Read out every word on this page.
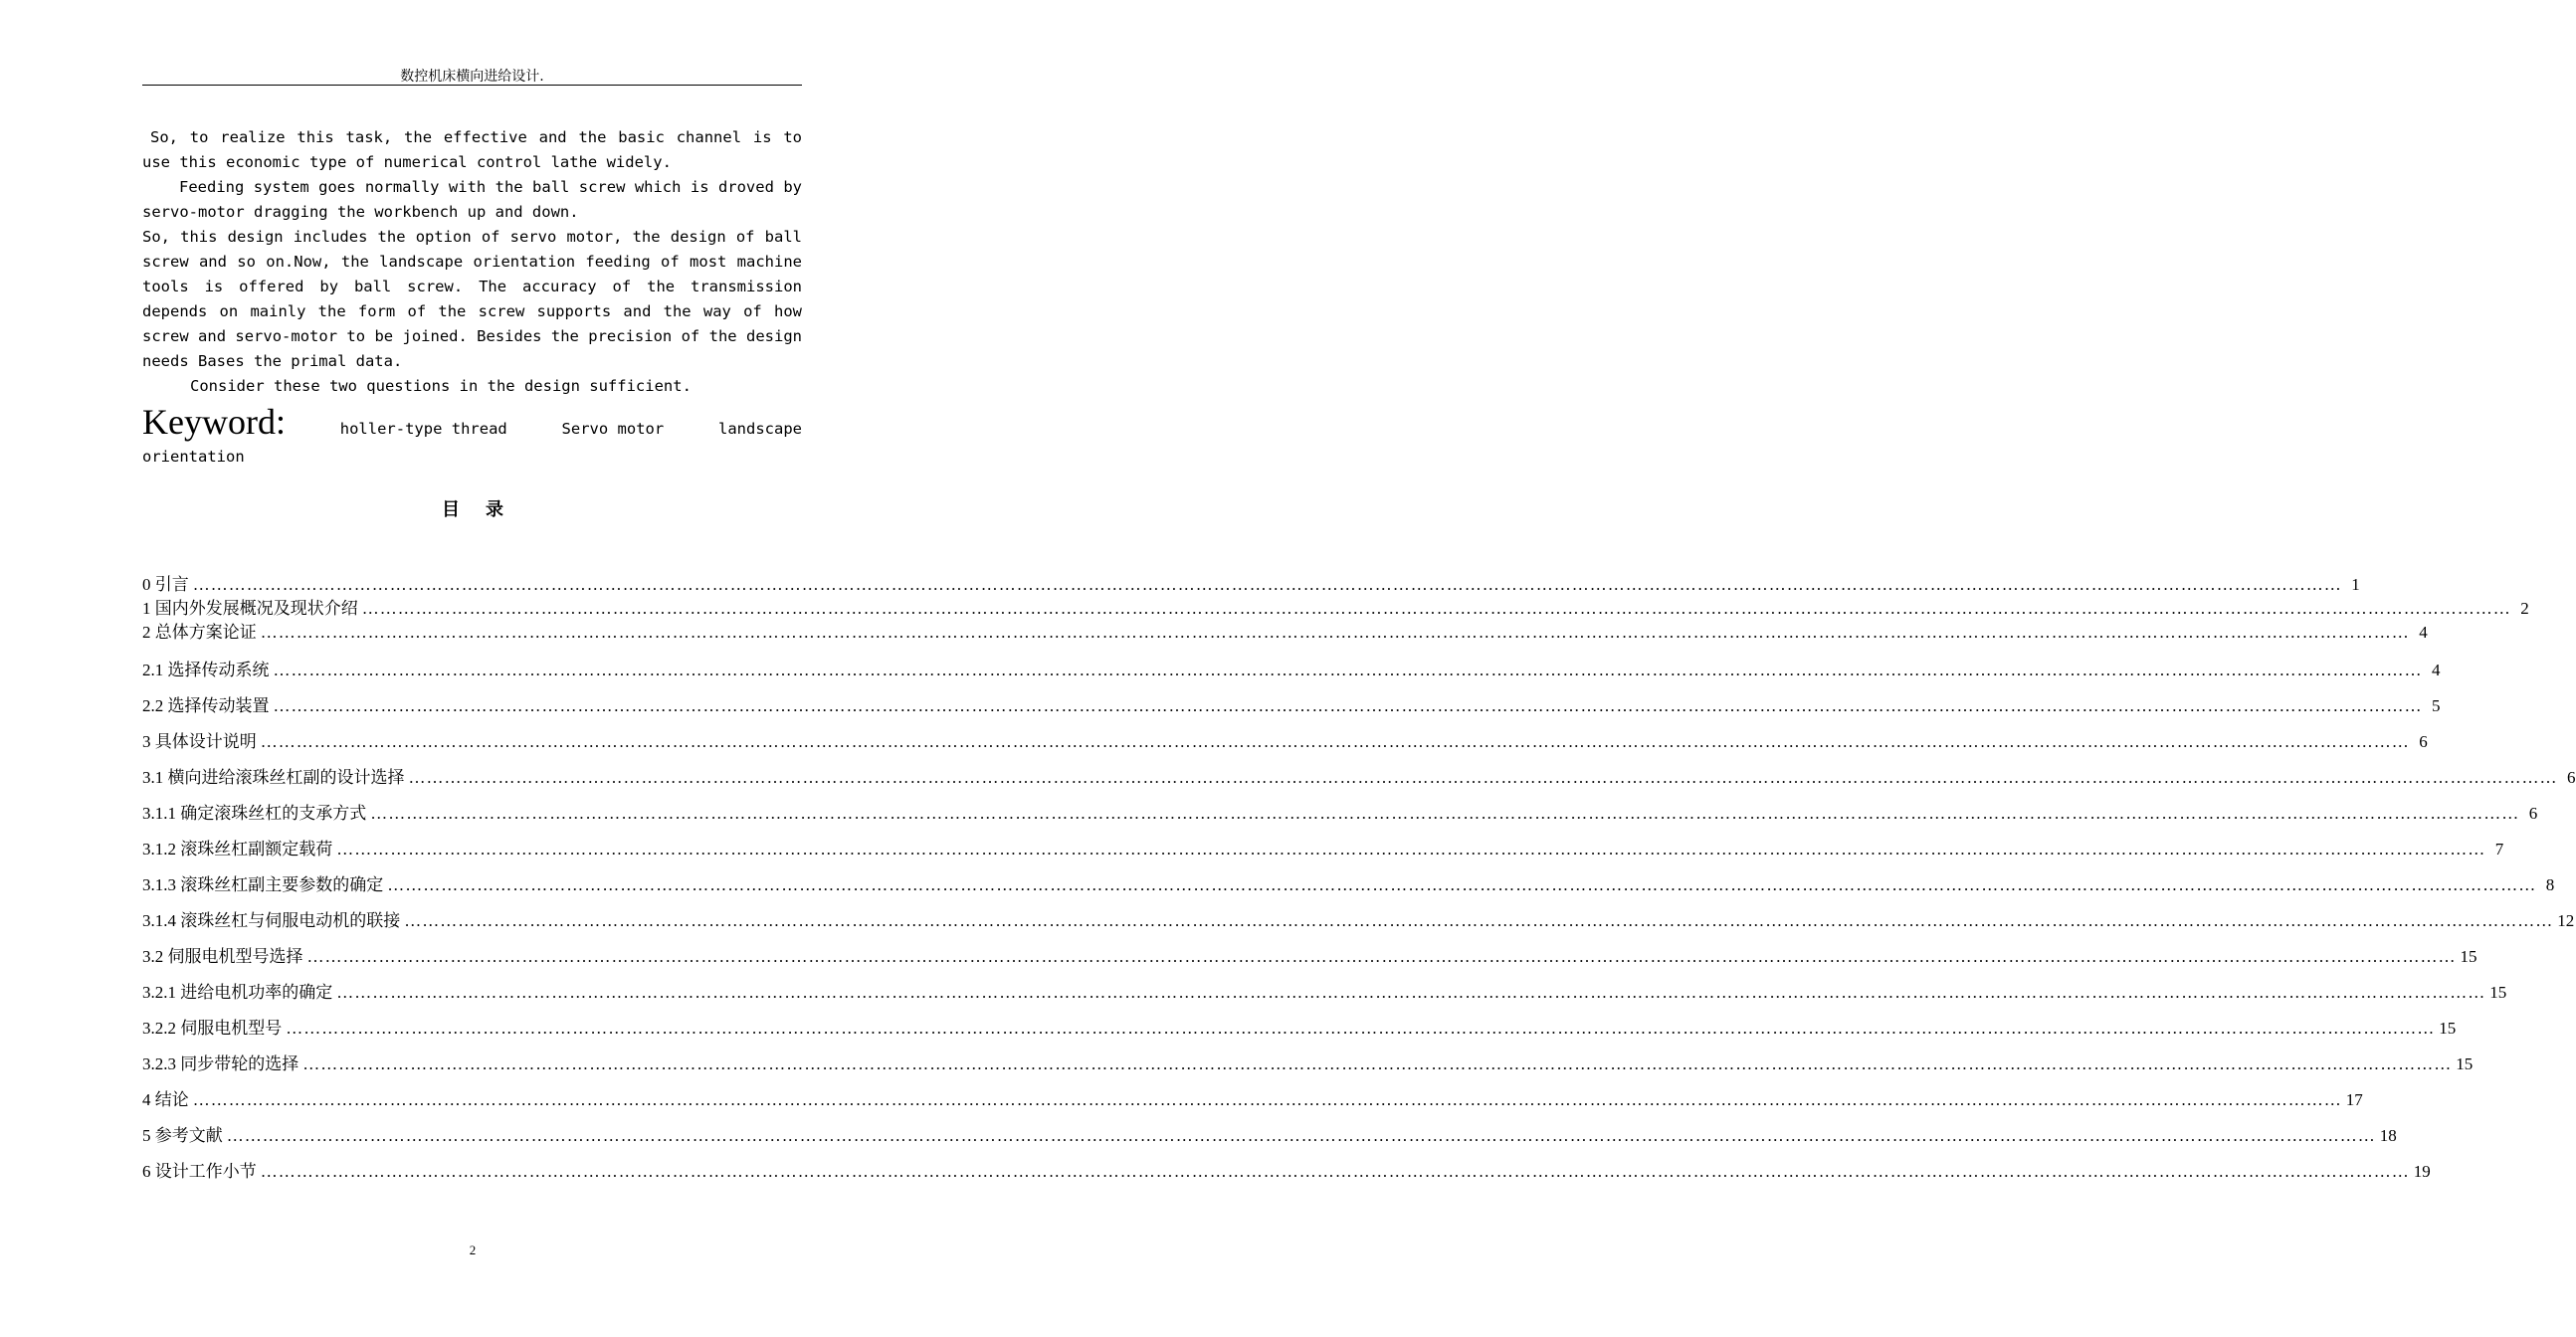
数控机床横向进给设计.

So, to realize this task, the effective and the basic channel is to use this economic type of numerical control lathe widely.

Feeding system goes normally with the ball screw which is droved by servo-motor dragging the workbench up and down.

So, this design includes the option of servo motor, the design of ball screw and so on.Now, the landscape orientation feeding of most machine tools is offered by ball screw. The accuracy of the transmission depends on mainly the form of the screw supports and the way of how screw and servo-motor to be joined. Besides the precision of the design needs Bases the primal data.

Consider these two questions in the design sufficient.

Keyword:	holler-type thread	Servo motor	landscape
orientation
目录
0 引言 ……………………………………………………………………………………………………………………………………………………………………………………………………………………………………………………………………………………………………………………………… 1
1 国内外发展概况及现状介绍 ……………………………………………………………………………………………………………………………………………………………………………………………………………………………………………………………………………………………………………………………… 2
2 总体方案论证 ……………………………………………………………………………………………………………………………………………………………………………………………………………………………………………………………………………………………………………………………… 4
2.1 选择传动系统 ……………………………………………………………………………………………………………………………………………………………………………………………………………………………………………………………………………………………………………………………… 4
2.2 选择传动装置 ……………………………………………………………………………………………………………………………………………………………………………………………………………………………………………………………………………………………………………………………… 5
3 具体设计说明 ……………………………………………………………………………………………………………………………………………………………………………………………………………………………………………………………………………………………………………………………… 6
3.1 横向进给滚珠丝杠副的设计选择 ……………………………………………………………………………………………………………………………………………………………………………………………………………………………………………………………………………………………………………………………… 6
3.1.1 确定滚珠丝杠的支承方式 ……………………………………………………………………………………………………………………………………………………………………………………………………………………………………………………………………………………………………………………………… 6
3.1.2 滚珠丝杠副额定载荷 ……………………………………………………………………………………………………………………………………………………………………………………………………………………………………………………………………………………………………………………………… 7
3.1.3 滚珠丝杠副主要参数的确定 ……………………………………………………………………………………………………………………………………………………………………………………………………………………………………………………………………………………………………………………………… 8
3.1.4 滚珠丝杠与伺服电动机的联接 ……………………………………………………………………………………………………………………………………………………………………………………………………………………………………………………………………………………………………………………………… 12
3.2 伺服电机型号选择 ……………………………………………………………………………………………………………………………………………………………………………………………………………………………………………………………………………………………………………………………… 15
3.2.1 进给电机功率的确定 ……………………………………………………………………………………………………………………………………………………………………………………………………………………………………………………………………………………………………………………………… 15
3.2.2 伺服电机型号 ……………………………………………………………………………………………………………………………………………………………………………………………………………………………………………………………………………………………………………………………… 15
3.2.3 同步带轮的选择 ……………………………………………………………………………………………………………………………………………………………………………………………………………………………………………………………………………………………………………………………… 15
4 结论 ……………………………………………………………………………………………………………………………………………………………………………………………………………………………………………………………………………………………………………………………… 17
5 参考文献 ……………………………………………………………………………………………………………………………………………………………………………………………………………………………………………………………………………………………………………………………… 18
6 设计工作小节 ……………………………………………………………………………………………………………………………………………………………………………………………………………………………………………………………………………………………………………………………… 19
2
